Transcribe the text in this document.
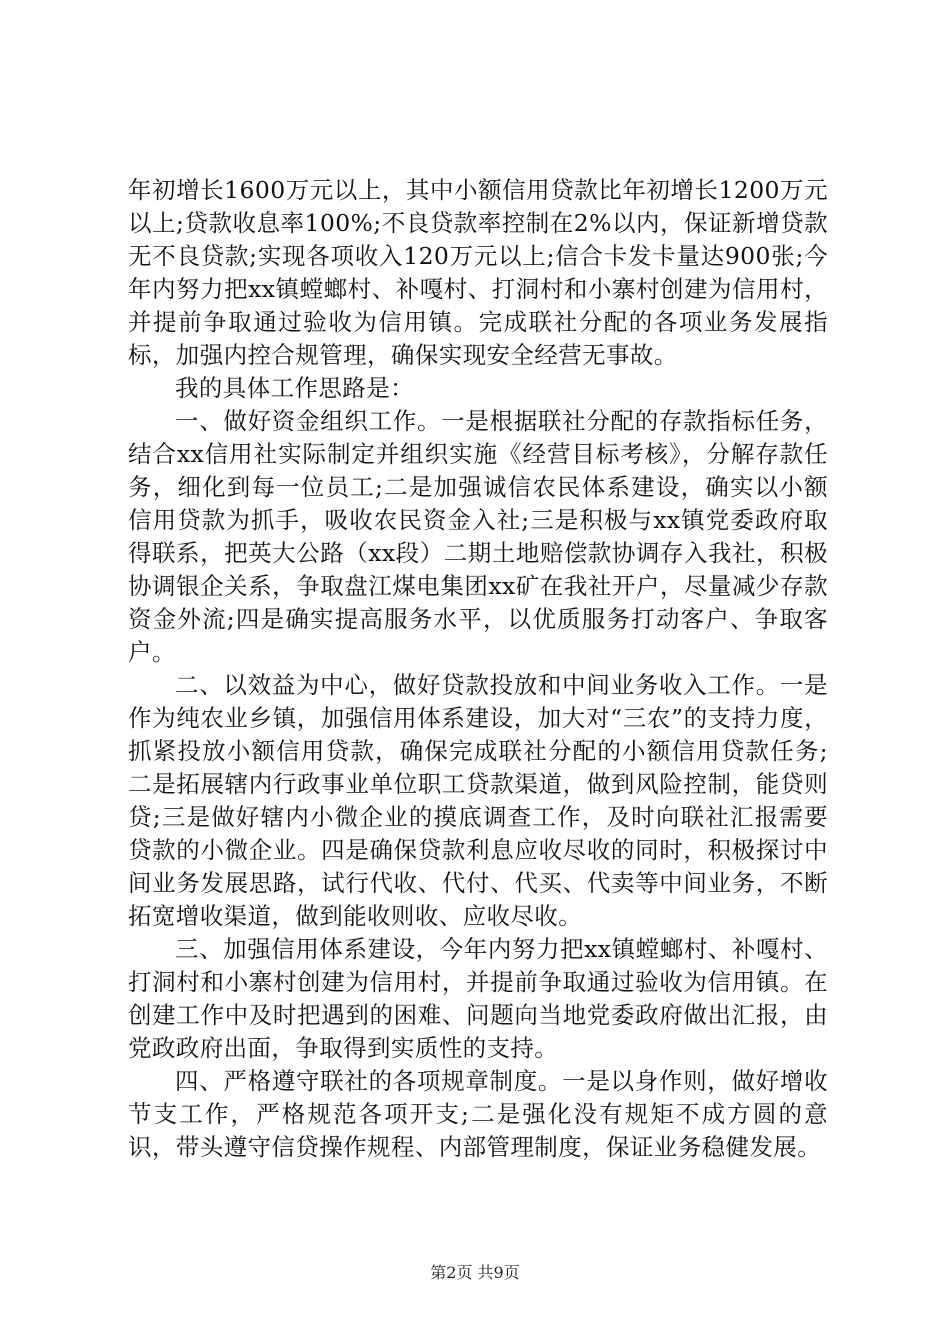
年初增长1600万元以上，其中小额信用贷款比年初增长1200万元以上;贷款收息率100%;不良贷款率控制在2%以内，保证新增贷款无不良贷款;实现各项收入120万元以上;信合卡发卡量达900张;今年内努力把xx镇螳螂村、补嘎村、打洞村和小寨村创建为信用村，并提前争取通过验收为信用镇。完成联社分配的各项业务发展指标，加强内控合规管理，确保实现安全经营无事故。

我的具体工作思路是：

一、做好资金组织工作。一是根据联社分配的存款指标任务，结合xx信用社实际制定并组织实施《经营目标考核》，分解存款任务，细化到每一位员工;二是加强诚信农民体系建设，确实以小额信用贷款为抓手，吸收农民资金入社;三是积极与xx镇党委政府取得联系，把英大公路（xx段）二期土地赔偿款协调存入我社，积极协调银企关系，争取盘江煤电集团xx矿在我社开户，尽量减少存款资金外流;四是确实提高服务水平，以优质服务打动客户、争取客户。

二、以效益为中心，做好贷款投放和中间业务收入工作。一是作为纯农业乡镇，加强信用体系建设，加大对“三农”的支持力度，抓紧投放小额信用贷款，确保完成联社分配的小额信用贷款任务;二是拓展辖内行政事业单位职工贷款渠道，做到风险控制，能贷则贷;三是做好辖内小微企业的摸底调查工作，及时向联社汇报需要贷款的小微企业。四是确保贷款利息应收尽收的同时，积极探讨中间业务发展思路，试行代收、代付、代买、代卖等中间业务，不断拓宽增收渠道，做到能收则收、应收尽收。

三、加强信用体系建设，今年内努力把xx镇螳螂村、补嘎村、打洞村和小寨村创建为信用村，并提前争取通过验收为信用镇。在创建工作中及时把遇到的困难、问题向当地党委政府做出汇报，由党政政府出面，争取得到实质性的支持。

四、严格遵守联社的各项规章制度。一是以身作则，做好增收节支工作，严格规范各项开支;二是强化没有规矩不成方圆的意识，带头遵守信贷操作规程、内部管理制度，保证业务稳健发展。

第2页 共9页
